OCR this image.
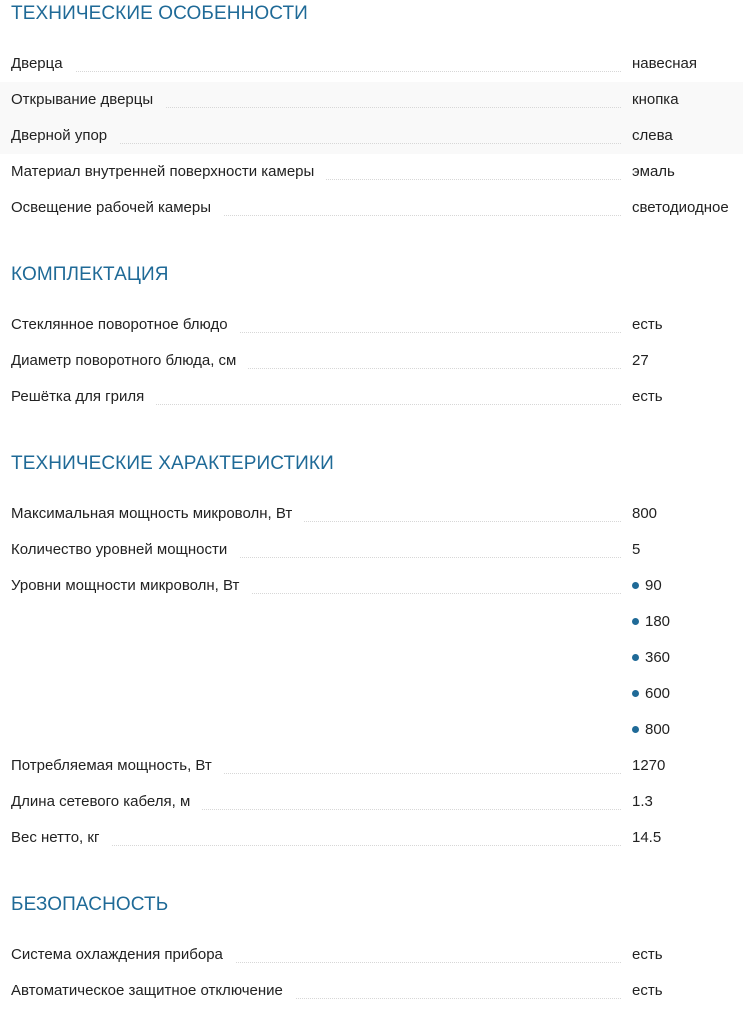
ТЕХНИЧЕСКИЕ ОСОБЕННОСТИ
Дверца	навесная
Открывание дверцы	кнопка
Дверной упор	слева
Материал внутренней поверхности камеры	эмаль
Освещение рабочей камеры	светодиодное
КОМПЛЕКТАЦИЯ
Стеклянное поворотное блюдо	есть
Диаметр поворотного блюда, см	27
Решётка для гриля	есть
ТЕХНИЧЕСКИЕ ХАРАКТЕРИСТИКИ
Максимальная мощность микроволн, Вт	800
Количество уровней мощности	5
Уровни мощности микроволн, Вт	90
180
360
600
800
Потребляемая мощность, Вт	1270
Длина сетевого кабеля, м	1.3
Вес нетто, кг	14.5
БЕЗОПАСНОСТЬ
Система охлаждения прибора	есть
Автоматическое защитное отключение	есть
